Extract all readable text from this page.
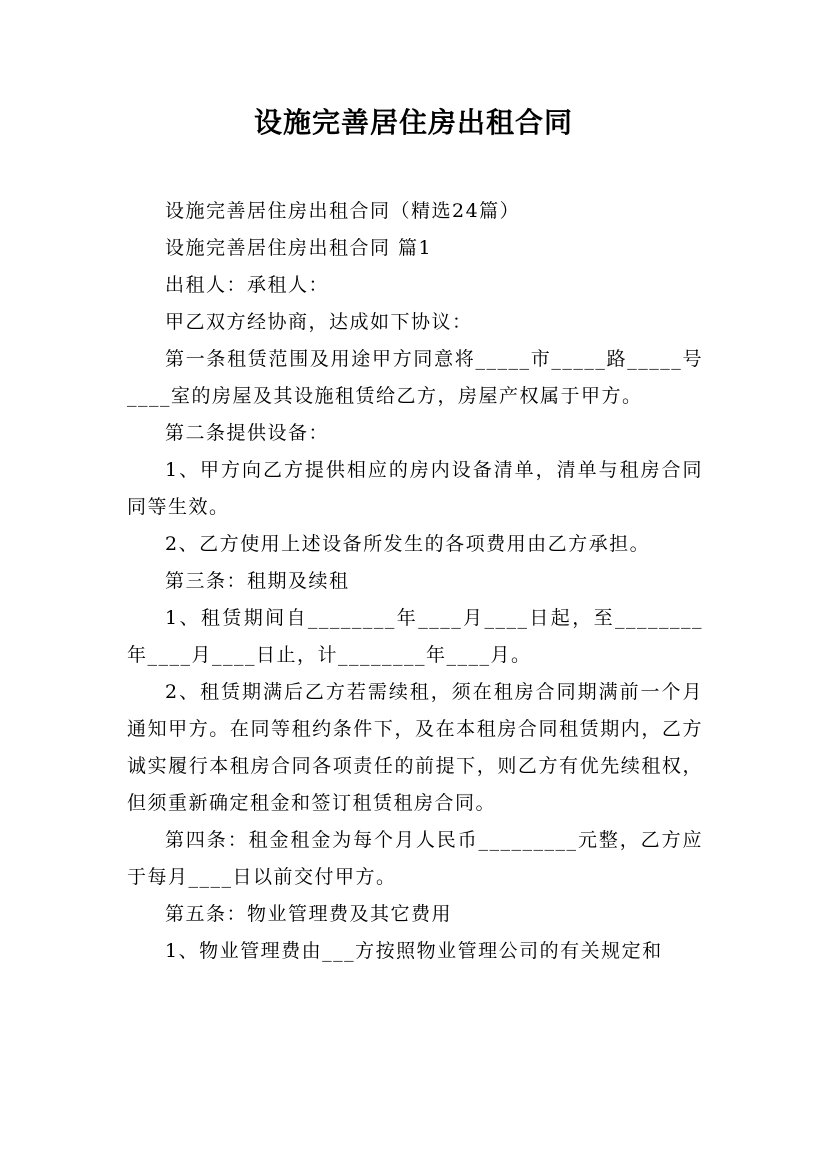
设施完善居住房出租合同

设施完善居住房出租合同（精选24篇）

设施完善居住房出租合同 篇1

出租人：承租人：

甲乙双方经协商，达成如下协议：

第一条租赁范围及用途甲方同意将_____市_____路_____号____室的房屋及其设施租赁给乙方，房屋产权属于甲方。

第二条提供设备：

1、甲方向乙方提供相应的房内设备清单，清单与租房合同同等生效。

2、乙方使用上述设备所发生的各项费用由乙方承担。

第三条：租期及续租

1、租赁期间自________年____月____日起，至________年____月____日止，计________年____月。

2、租赁期满后乙方若需续租，须在租房合同期满前一个月通知甲方。在同等租约条件下，及在本租房合同租赁期内，乙方诚实履行本租房合同各项责任的前提下，则乙方有优先续租权，但须重新确定租金和签订租赁租房合同。

第四条：租金租金为每个月人民币_________元整，乙方应于每月____日以前交付甲方。

第五条：物业管理费及其它费用

1、物业管理费由___方按照物业管理公司的有关规定和
